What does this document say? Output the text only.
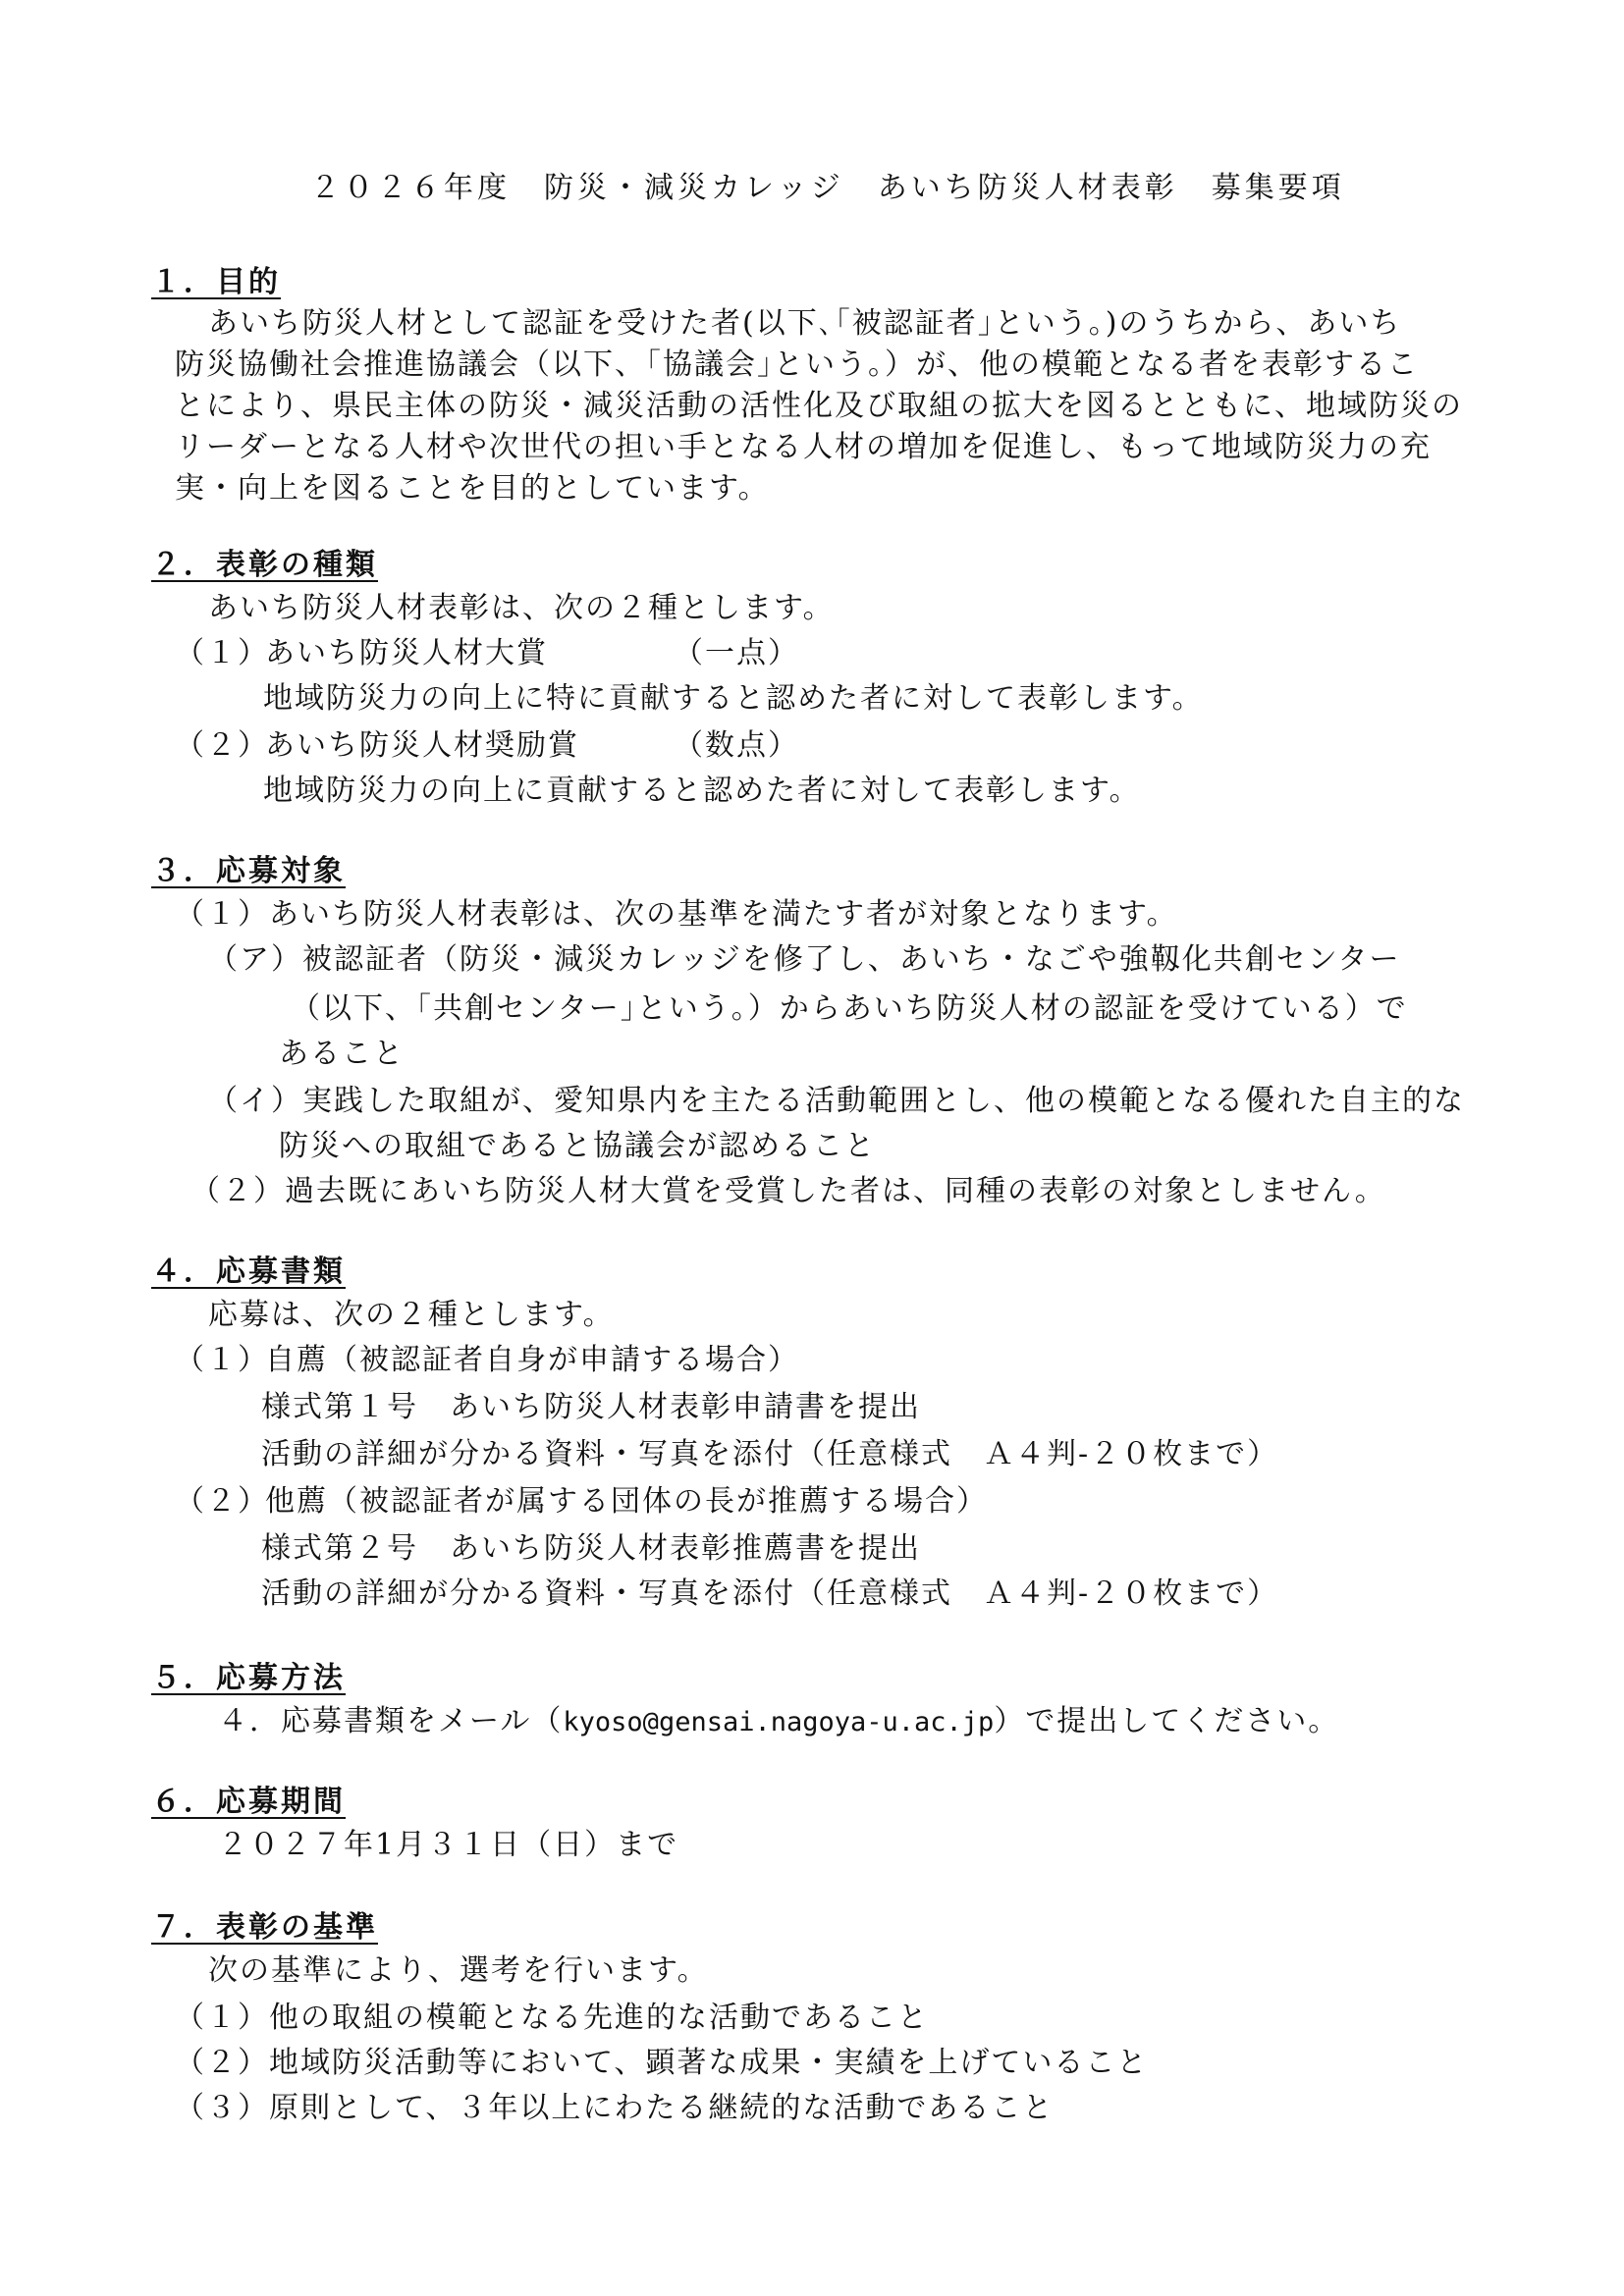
２０２６年度　防災・減災カレッジ　あいち防災人材表彰　募集要項
１．目的
あいち防災人材として認証を受けた者(以下､｢被認証者｣という｡)のうちから、あいち
防災協働社会推進協議会（以下、｢協議会｣という。）が、他の模範となる者を表彰するこ
とにより、県民主体の防災・減災活動の活性化及び取組の拡大を図るとともに、地域防災の
リーダーとなる人材や次世代の担い手となる人材の増加を促進し、もって地域防災力の充
実・向上を図ることを目的としています。
２．表彰の種類
あいち防災人材表彰は、次の２種とします。
（１）
あいち防災人材大賞	（一点）
地域防災力の向上に特に貢献すると認めた者に対して表彰します。
（２）
あいち防災人材奨励賞	（数点）
地域防災力の向上に貢献すると認めた者に対して表彰します。
３．応募対象
（１）あいち防災人材表彰は、次の基準を満たす者が対象となります。
（ア）被認証者（防災・減災カレッジを修了し、あいち・なごや強靱化共創センター
（以下、｢共創センター｣という。）からあいち防災人材の認証を受けている）で
あること
（イ）実践した取組が、愛知県内を主たる活動範囲とし、他の模範となる優れた自主的な
防災への取組であると協議会が認めること
（２）過去既にあいち防災人材大賞を受賞した者は、同種の表彰の対象としません。
４．応募書類
応募は、次の２種とします。
（１）
自薦（被認証者自身が申請する場合）
様式第１号　あいち防災人材表彰申請書を提出
活動の詳細が分かる資料・写真を添付（任意様式　Ａ４判-２０枚まで）
（２）
他薦（被認証者が属する団体の長が推薦する場合）
様式第２号　あいち防災人材表彰推薦書を提出
活動の詳細が分かる資料・写真を添付（任意様式　Ａ４判-２０枚まで）
５．応募方法
４．応募書類をメール（kyoso@gensai.nagoya-u.ac.jp）で提出してください。
６．応募期間
２０２７年1月３１日（日）まで
７．表彰の基準
次の基準により、選考を行います。
（１）他の取組の模範となる先進的な活動であること
（２）地域防災活動等において、顕著な成果・実績を上げていること
（３）原則として、３年以上にわたる継続的な活動であること
